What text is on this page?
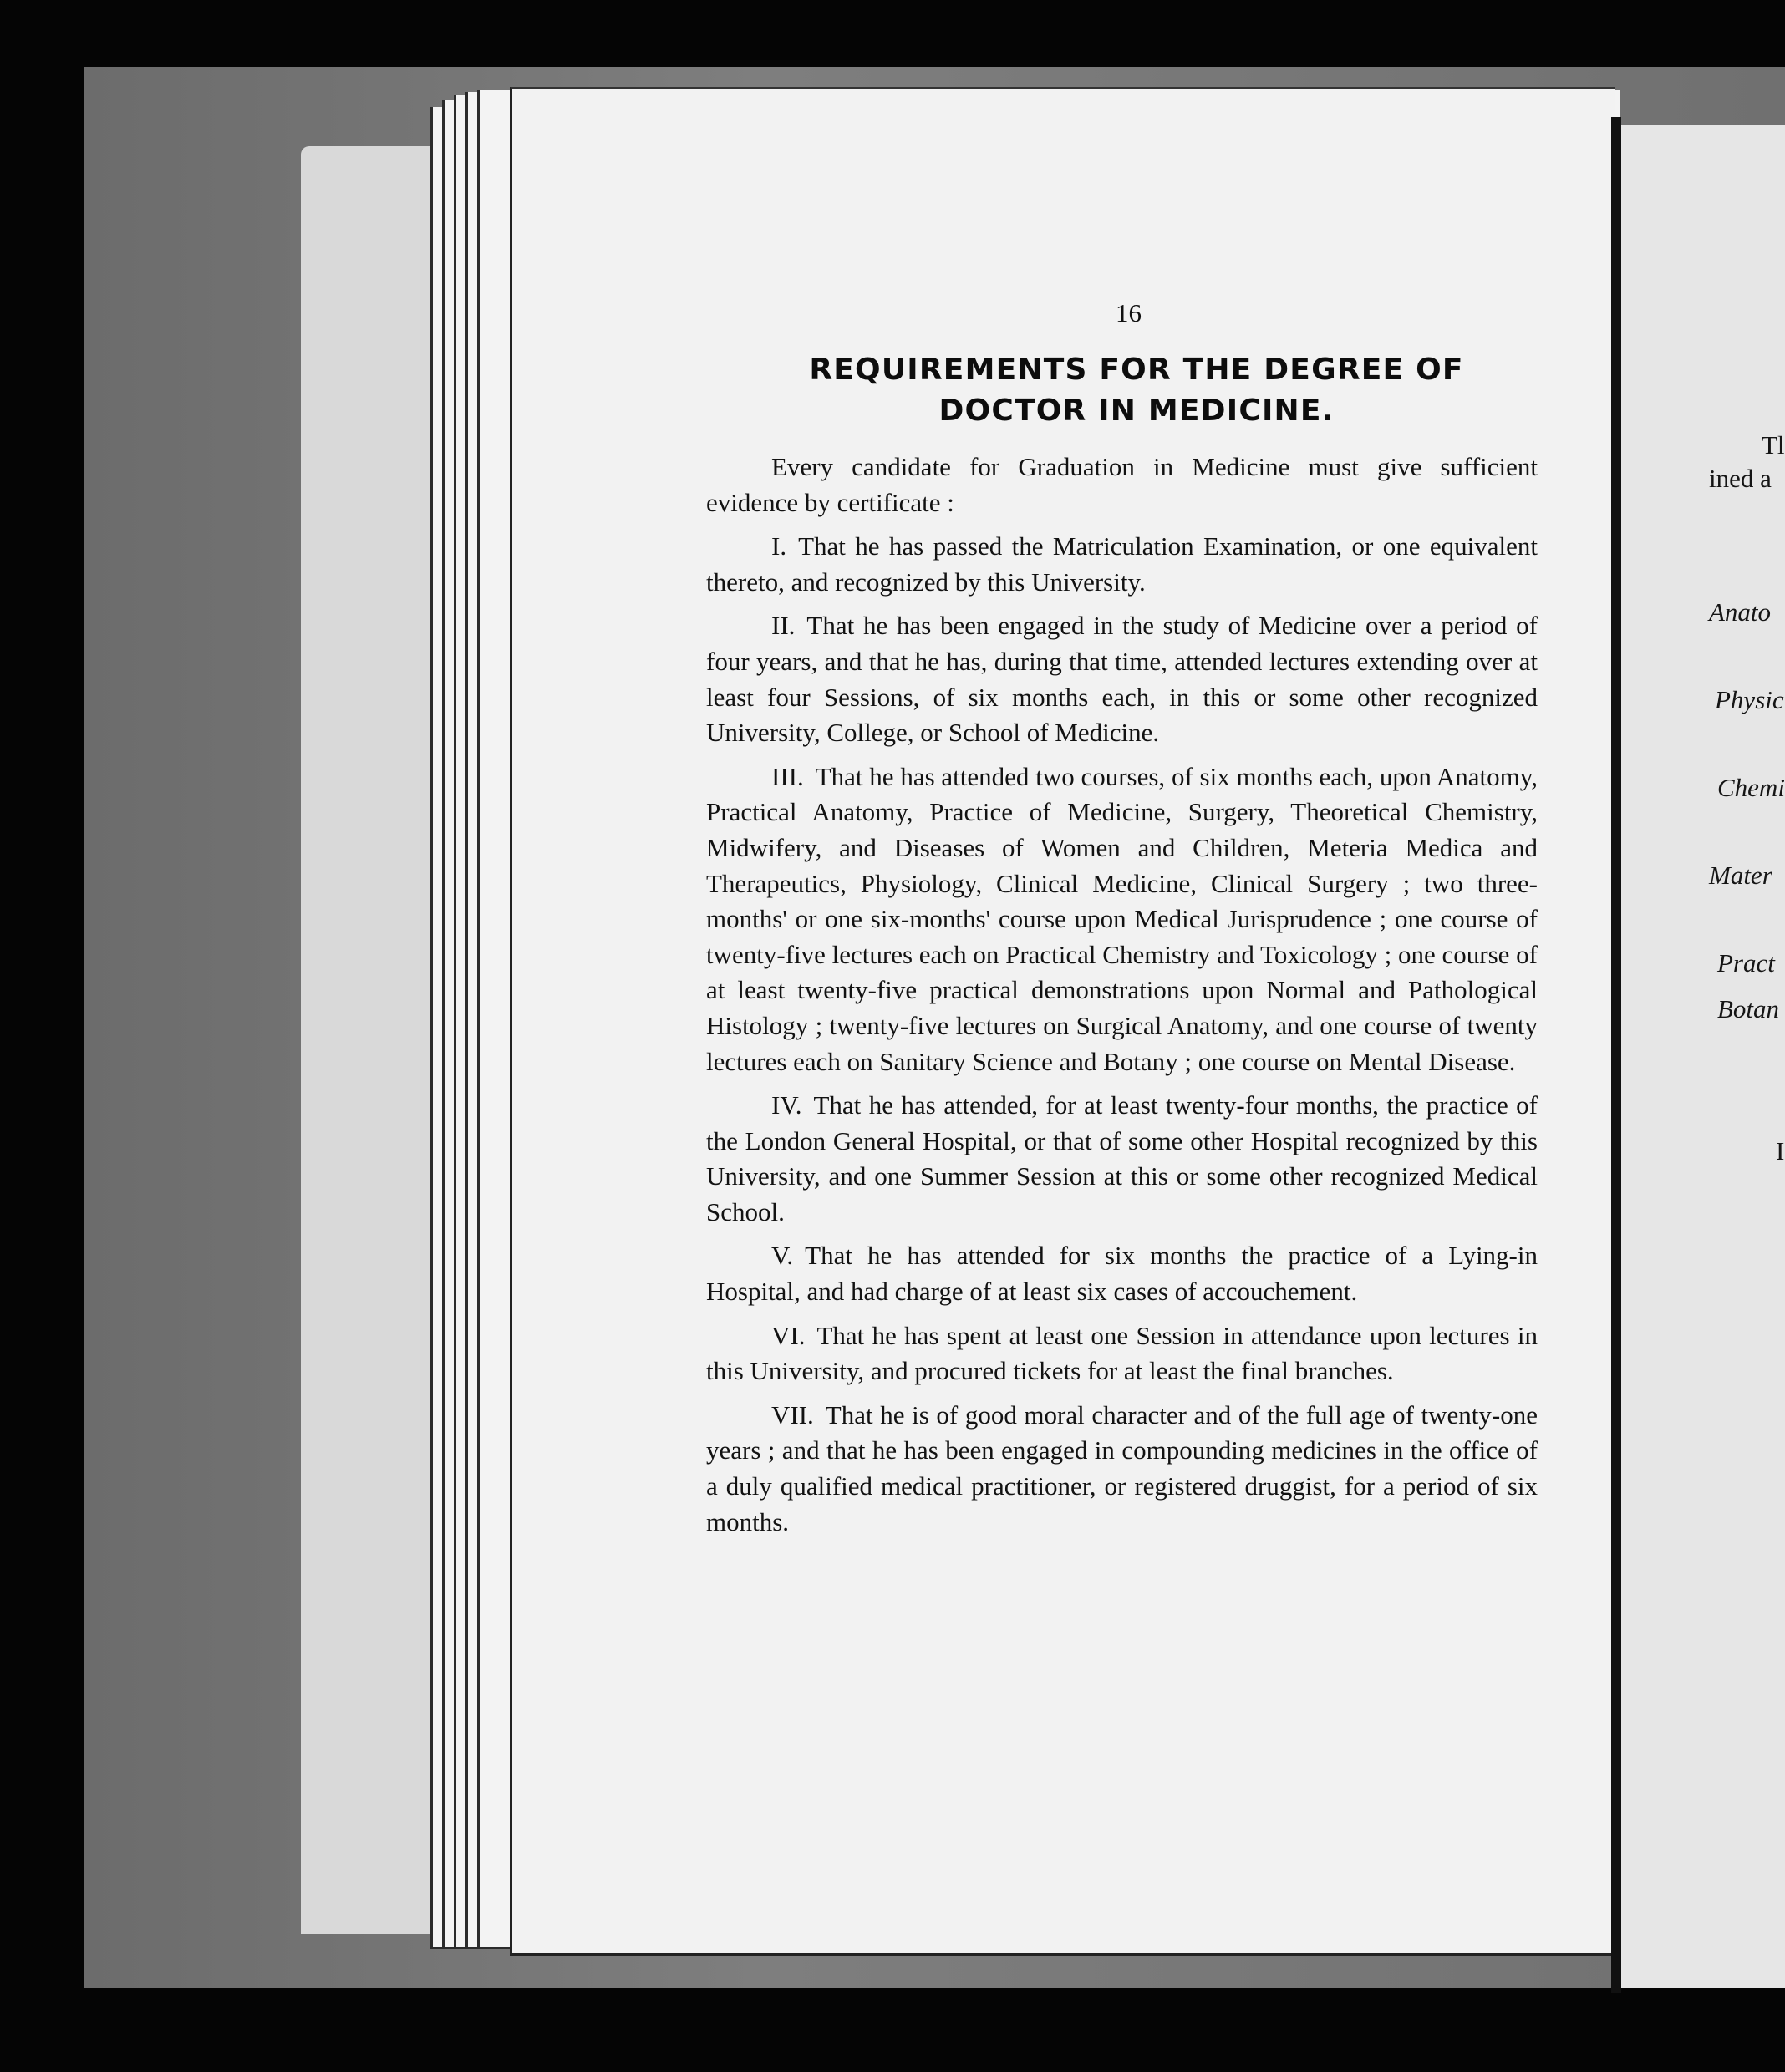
Tl
ined a
Anato
Physic
Chemi
Mater
Pract
Botan
I
16
REQUIREMENTS FOR THE DEGREE OF DOCTOR IN MEDICINE.

Every candidate for Graduation in Medicine must give sufficient evidence by certificate :

I. That he has passed the Matriculation Examination, or one equivalent thereto, and recognized by this University.

II. That he has been engaged in the study of Medicine over a period of four years, and that he has, during that time, attended lectures extending over at least four Sessions, of six months each, in this or some other recognized University, College, or School of Medicine.

III. That he has attended two courses, of six months each, upon Anatomy, Practical Anatomy, Practice of Medicine, Surgery, Theoretical Chemistry, Midwifery, and Diseases of Women and Children, Meteria Medica and Therapeutics, Physiology, Clinical Medicine, Clinical Surgery ; two three-months' or one six-months' course upon Medical Jurisprudence ; one course of twenty-five lectures each on Practical Chemistry and Toxicology ; one course of at least twenty-five practical demonstrations upon Normal and Pathological Histology ; twenty-five lectures on Surgical Anatomy, and one course of twenty lectures each on Sanitary Science and Botany ; one course on Mental Disease.

IV. That he has attended, for at least twenty-four months, the practice of the London General Hospital, or that of some other Hospital recognized by this University, and one Summer Session at this or some other recognized Medical School.

V. That he has attended for six months the practice of a Lying-in Hospital, and had charge of at least six cases of accouchement.

VI. That he has spent at least one Session in attendance upon lectures in this University, and procured tickets for at least the final branches.

VII. That he is of good moral character and of the full age of twenty-one years ; and that he has been engaged in compounding medicines in the office of a duly qualified medical practitioner, or registered druggist, for a period of six months.
